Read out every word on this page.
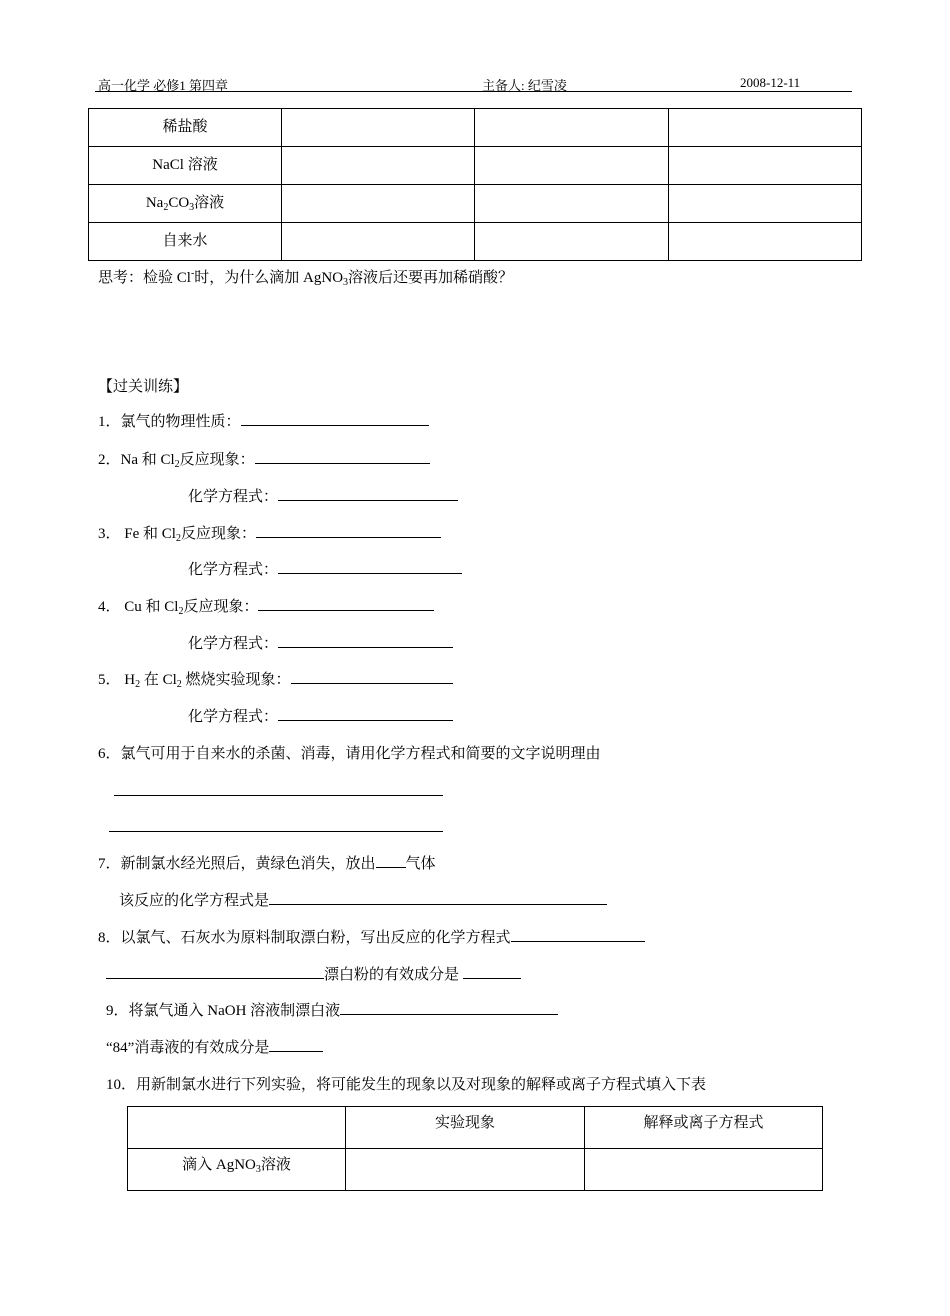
高一化学 必修1 第四章	主备人: 纪雪凌	2008-12-11
稀盐酸			
NaCl 溶液			
$Na_2CO_3$溶液			
自来水			
思考：检验 Cl-时，为什么滴加 AgNO$_3$溶液后还要再加稀硝酸？
【过关训练】
1．氯气的物理性质：
2．Na 和 $Cl_2$反应现象：
化学方程式：
3． Fe 和 $Cl_2$反应现象：
化学方程式：
4． Cu 和 $Cl_2$反应现象：
化学方程式：
5． $H_2$ 在 $Cl_2$ 燃烧实验现象：
化学方程式：
6．氯气可用于自来水的杀菌、消毒，请用化学方程式和简要的文字说明理由
7．新制氯水经光照后，黄绿色消失，放出 气体
该反应的化学方程式是
8．以氯气、石灰水为原料制取漂白粉，写出反应的化学方程式
漂白粉的有效成分是
9．将氯气通入 NaOH 溶液制漂白液
“84”消毒液的有效成分是
10．用新制氯水进行下列实验，将可能发生的现象以及对现象的解释或离子方程式填入下表
	实验现象	解释或离子方程式
滴入 AgNO$_3$溶液		
